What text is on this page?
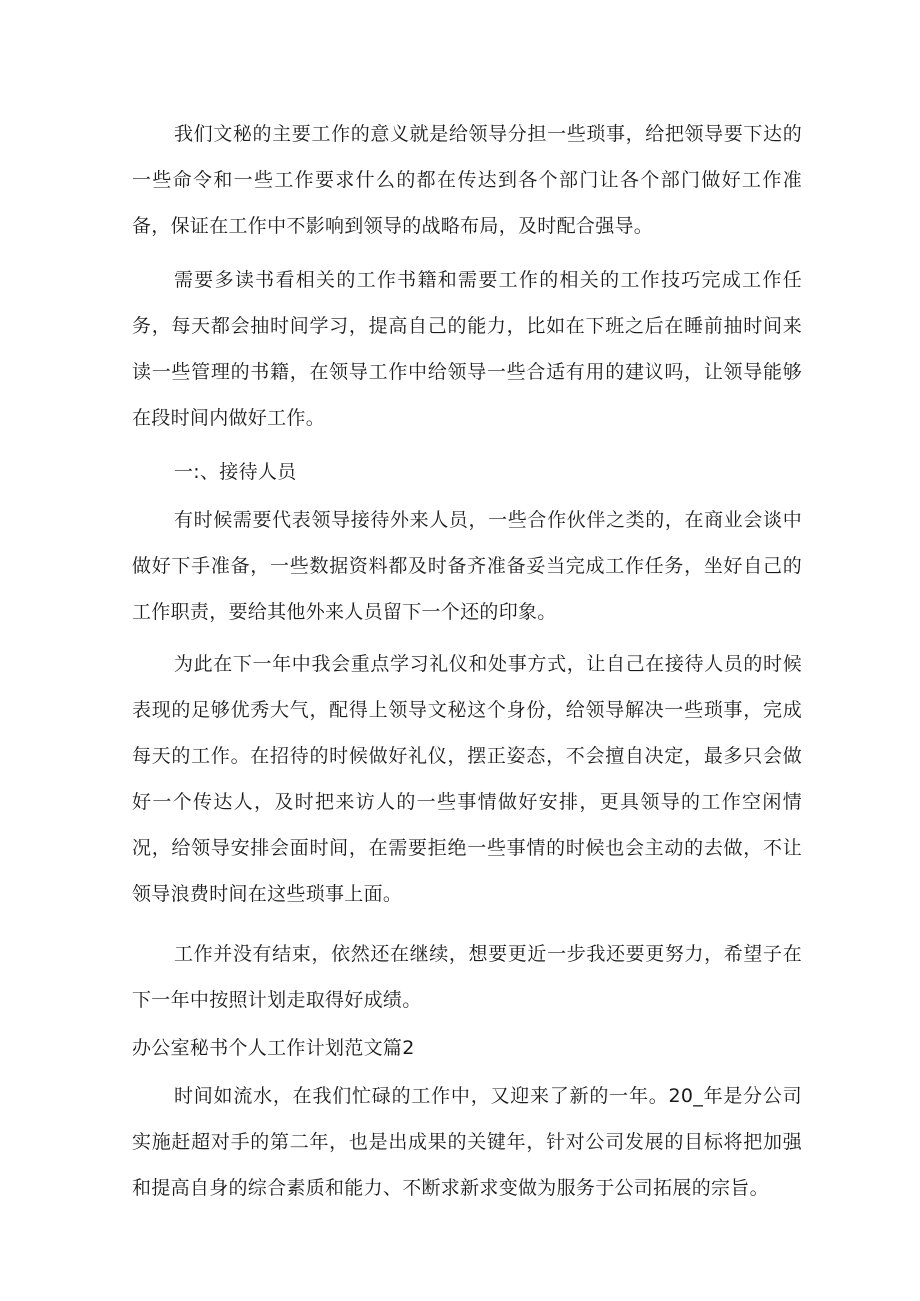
我们文秘的主要工作的意义就是给领导分担一些琐事，给把领导要下达的一些命令和一些工作要求什么的都在传达到各个部门让各个部门做好工作准备，保证在工作中不影响到领导的战略布局，及时配合强导。

需要多读书看相关的工作书籍和需要工作的相关的工作技巧完成工作任务，每天都会抽时间学习，提高自己的能力，比如在下班之后在睡前抽时间来读一些管理的书籍，在领导工作中给领导一些合适有用的建议吗，让领导能够在段时间内做好工作。

一:、接待人员

有时候需要代表领导接待外来人员，一些合作伙伴之类的，在商业会谈中做好下手准备，一些数据资料都及时备齐准备妥当完成工作任务，坐好自己的工作职责，要给其他外来人员留下一个还的印象。

为此在下一年中我会重点学习礼仪和处事方式，让自己在接待人员的时候表现的足够优秀大气，配得上领导文秘这个身份，给领导解决一些琐事，完成每天的工作。在招待的时候做好礼仪，摆正姿态，不会擅自决定，最多只会做好一个传达人，及时把来访人的一些事情做好安排，更具领导的工作空闲情况，给领导安排会面时间，在需要拒绝一些事情的时候也会主动的去做，不让领导浪费时间在这些琐事上面。

工作并没有结束，依然还在继续，想要更近一步我还要更努力，希望子在下一年中按照计划走取得好成绩。

办公室秘书个人工作计划范文篇2

时间如流水，在我们忙碌的工作中，又迎来了新的一年。20_年是分公司实施赶超对手的第二年，也是出成果的关键年，针对公司发展的目标将把加强和提高自身的综合素质和能力、不断求新求变做为服务于公司拓展的宗旨。
